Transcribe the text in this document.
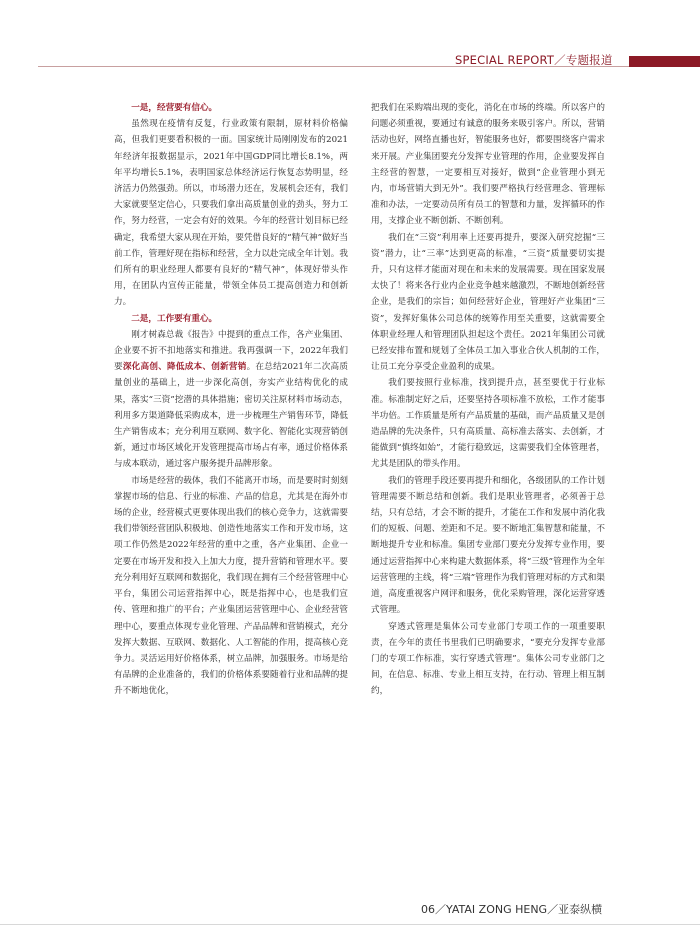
SPECIAL REPORT／专题报道

一是，经营要有信心。

虽然现在疫情有反复，行业政策有限制，原材料价格偏高，但我们更要看积极的一面。国家统计局刚刚发布的2021年经济年报数据显示，2021年中国GDP同比增长8.1%，两年平均增长5.1%，表明国家总体经济运行恢复态势明显，经济活力仍然强劲。所以，市场潜力还在，发展机会还有，我们大家就要坚定信心，只要我们拿出高质量创业的劲头，努力工作，努力经营，一定会有好的效果。今年的经营计划目标已经确定，我希望大家从现在开始，要凭借良好的“精气神”做好当前工作，管理好现在指标和经营，全力以赴完成全年计划。我们所有的职业经理人都要有良好的“精气神”，体现好带头作用，在团队内宣传正能量，带领全体员工提高创造力和创新力。

二是，工作要有重心。

刚才树森总裁《报告》中提到的重点工作，各产业集团、企业要不折不扣地落实和推进。我再强调一下，2022年我们要深化高创、降低成本、创新营销。在总结2021年二次高质量创业的基础上，进一步深化高创，夯实产业结构优化的成果，落实“三资”挖潜的具体措施；密切关注原材料市场动态，利用多方渠道降低采购成本，进一步梳理生产销售环节，降低生产销售成本；充分利用互联网、数字化、智能化实现营销创新，通过市场区域化开发管理提高市场占有率，通过价格体系与成本联动，通过客户服务提升品牌形象。

市场是经营的载体，我们不能离开市场，而是要时时刻刻掌握市场的信息、行业的标准、产品的信息，尤其是在海外市场的企业，经营模式更要体现出我们的核心竞争力，这就需要我们带领经营团队积极地、创造性地落实工作和开发市场，这项工作仍然是2022年经营的重中之重，各产业集团、企业一定要在市场开发和投入上加大力度，提升营销和管理水平。要充分利用好互联网和数据化，我们现在拥有三个经营管理中心平台，集团公司运营指挥中心，既是指挥中心，也是我们宣传、管理和推广的平台；产业集团运营管理中心、企业经营管理中心，要重点体现专业化管理、产品品牌和营销模式，充分发挥大数据、互联网、数据化、人工智能的作用，提高核心竞争力。灵活运用好价格体系，树立品牌，加强服务。市场是给有品牌的企业准备的，我们的价格体系要随着行业和品牌的提升不断地优化，

把我们在采购端出现的变化，消化在市场的终端。所以客户的问题必须重视，要通过有诚意的服务来吸引客户。所以，营销活动也好，网络直播也好，智能服务也好，都要围绕客户需求来开展。产业集团要充分发挥专业管理的作用，企业要发挥自主经营的智慧，一定要相互对接好，做到“企业管理小到无内，市场营销大到无外”。我们要严格执行经营理念、管理标准和办法，一定要动员所有员工的智慧和力量，发挥循环的作用，支撑企业不断创新、不断创利。

我们在“三资”利用率上还要再提升，要深入研究挖掘“三资”潜力，让“三率”达到更高的标准，“三资”质量要切实提升，只有这样才能面对现在和未来的发展需要。现在国家发展太快了！将来各行业内企业竞争越来越激烈，不断地创新经营企业，是我们的宗旨；如何经营好企业，管理好产业集团“三资”，发挥好集体公司总体的统筹作用至关重要，这就需要全体职业经理人和管理团队担起这个责任。2021年集团公司就已经安排布置和规划了全体员工加入事业合伙人机制的工作，让员工充分享受企业盈利的成果。

我们要按照行业标准，找到提升点，甚至要优于行业标准。标准制定好之后，还要坚持各项标准不放松，工作才能事半功倍。工作质量是所有产品质量的基础，而产品质量又是创造品牌的先决条件，只有高质量、高标准去落实、去创新，才能做到“慎终如始”，才能行稳致远，这需要我们全体管理者，尤其是团队的带头作用。

我们的管理手段还要再提升和细化，各级团队的工作计划管理需要不断总结和创新。我们是职业管理者，必须善于总结，只有总结，才会不断的提升，才能在工作和发展中消化我们的短板、问题、差距和不足。要不断地汇集智慧和能量，不断地提升专业和标准。集团专业部门要充分发挥专业作用，要通过运营指挥中心来构建大数据体系，将“三级”管理作为全年运营管理的主线，将“三端”管理作为我们管理对标的方式和渠道，高度重视客户网评和服务，优化采购管理，深化运营穿透式管理。

穿透式管理是集体公司专业部门专项工作的一项重要职责，在今年的责任书里我们已明确要求，“要充分发挥专业部门的专项工作标准，实行穿透式管理”。集体公司专业部门之间，在信息、标准、专业上相互支持，在行动、管理上相互制约，

06／YATAI ZONG HENG／亚泰纵横
